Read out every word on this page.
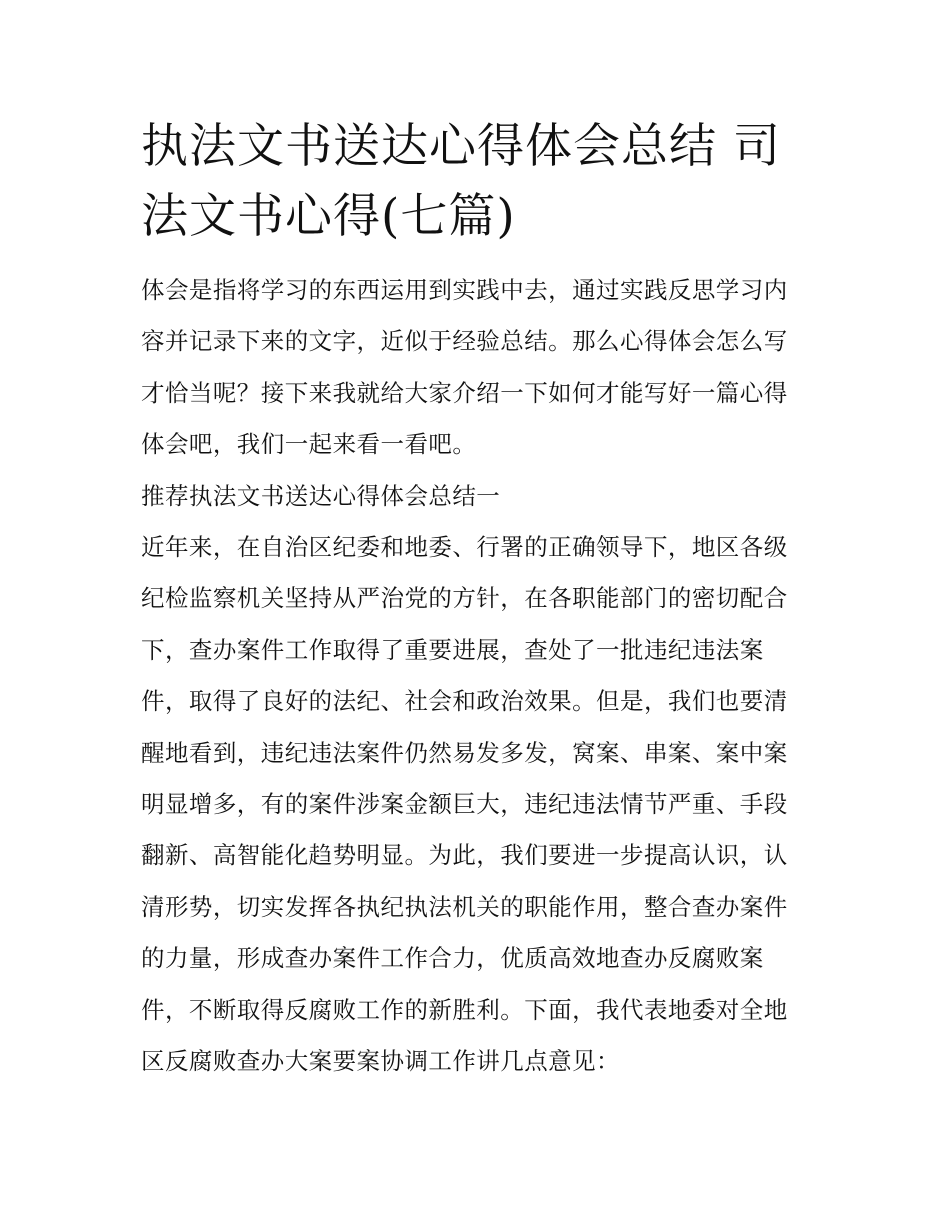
执法文书送达心得体会总结 司
法文书心得(七篇)
体会是指将学习的东西运用到实践中去，通过实践反思学习内
容并记录下来的文字，近似于经验总结。那么心得体会怎么写
才恰当呢？接下来我就给大家介绍一下如何才能写好一篇心得
体会吧，我们一起来看一看吧。
推荐执法文书送达心得体会总结一
近年来，在自治区纪委和地委、行署的正确领导下，地区各级
纪检监察机关坚持从严治党的方针，在各职能部门的密切配合
下，查办案件工作取得了重要进展，查处了一批违纪违法案
件，取得了良好的法纪、社会和政治效果。但是，我们也要清
醒地看到，违纪违法案件仍然易发多发，窝案、串案、案中案
明显增多，有的案件涉案金额巨大，违纪违法情节严重、手段
翻新、高智能化趋势明显。为此，我们要进一步提高认识，认
清形势，切实发挥各执纪执法机关的职能作用，整合查办案件
的力量，形成查办案件工作合力，优质高效地查办反腐败案
件，不断取得反腐败工作的新胜利。下面，我代表地委对全地
区反腐败查办大案要案协调工作讲几点意见：
